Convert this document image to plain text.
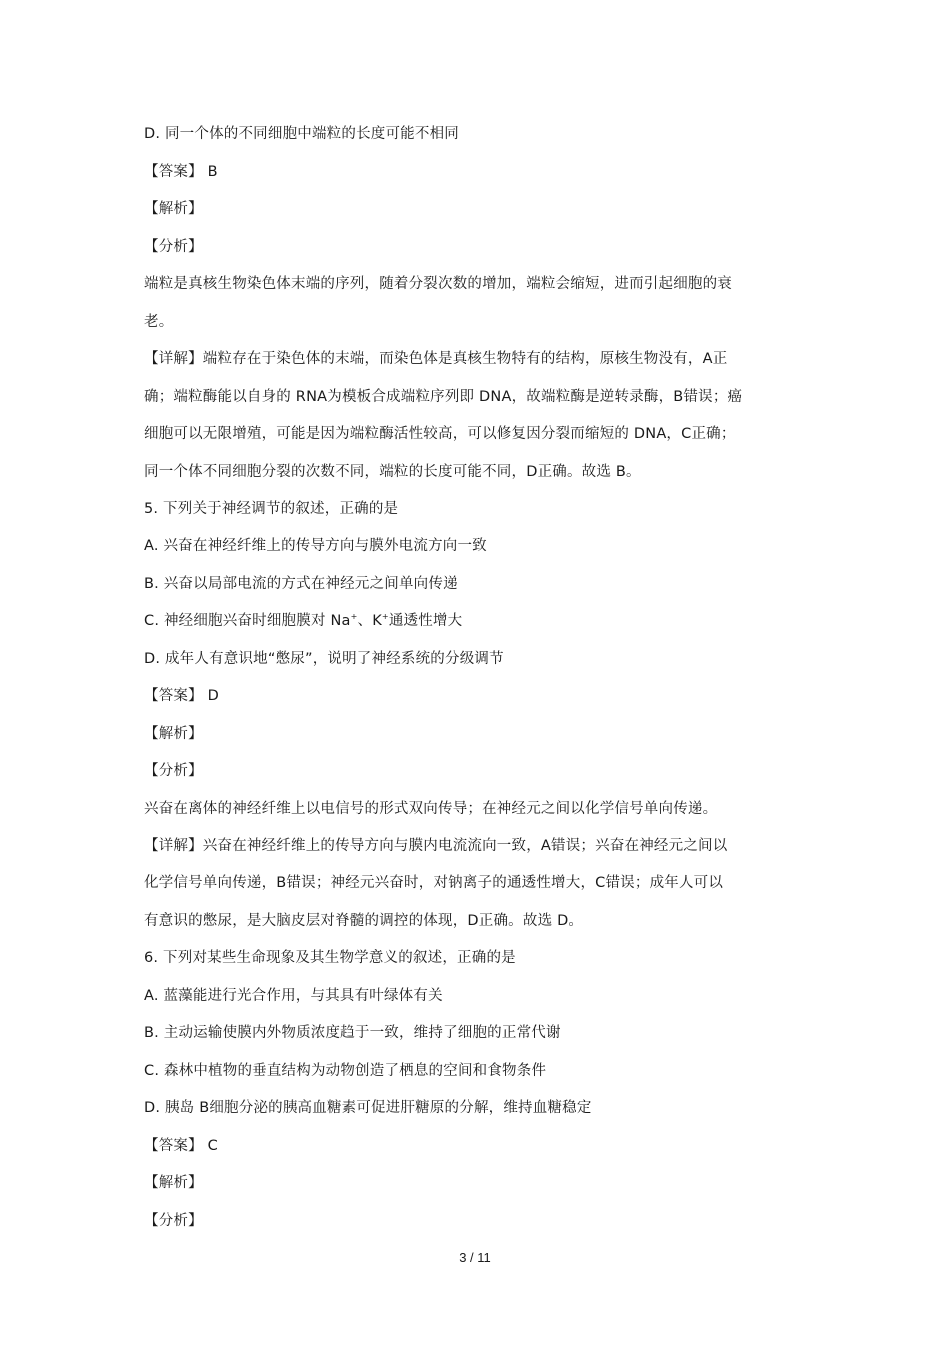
D. 同一个体的不同细胞中端粒的长度可能不相同
【答案】 B
【解析】
【分析】
端粒是真核生物染色体末端的序列，随着分裂次数的增加，端粒会缩短，进而引起细胞的衰
老。
【详解】端粒存在于染色体的末端，而染色体是真核生物特有的结构，原核生物没有，A正
确；端粒酶能以自身的 RNA为模板合成端粒序列即 DNA，故端粒酶是逆转录酶，B错误；癌
细胞可以无限增殖，可能是因为端粒酶活性较高，可以修复因分裂而缩短的 DNA，C正确；
同一个体不同细胞分裂的次数不同，端粒的长度可能不同，D正确。故选 B。
5. 下列关于神经调节的叙述，正确的是
A. 兴奋在神经纤维上的传导方向与膜外电流方向一致
B. 兴奋以局部电流的方式在神经元之间单向传递
C. 神经细胞兴奋时细胞膜对 Na+、K+通透性增大
D. 成年人有意识地“憋尿”，说明了神经系统的分级调节
【答案】 D
【解析】
【分析】
兴奋在离体的神经纤维上以电信号的形式双向传导；在神经元之间以化学信号单向传递。
【详解】兴奋在神经纤维上的传导方向与膜内电流流向一致，A错误；兴奋在神经元之间以
化学信号单向传递，B错误；神经元兴奋时，对钠离子的通透性增大，C错误；成年人可以
有意识的憋尿，是大脑皮层对脊髓的调控的体现，D正确。故选 D。
6. 下列对某些生命现象及其生物学意义的叙述，正确的是
A. 蓝藻能进行光合作用，与其具有叶绿体有关
B. 主动运输使膜内外物质浓度趋于一致，维持了细胞的正常代谢
C. 森林中植物的垂直结构为动物创造了栖息的空间和食物条件
D. 胰岛 B细胞分泌的胰高血糖素可促进肝糖原的分解，维持血糖稳定
【答案】 C
【解析】
【分析】
3 / 11
